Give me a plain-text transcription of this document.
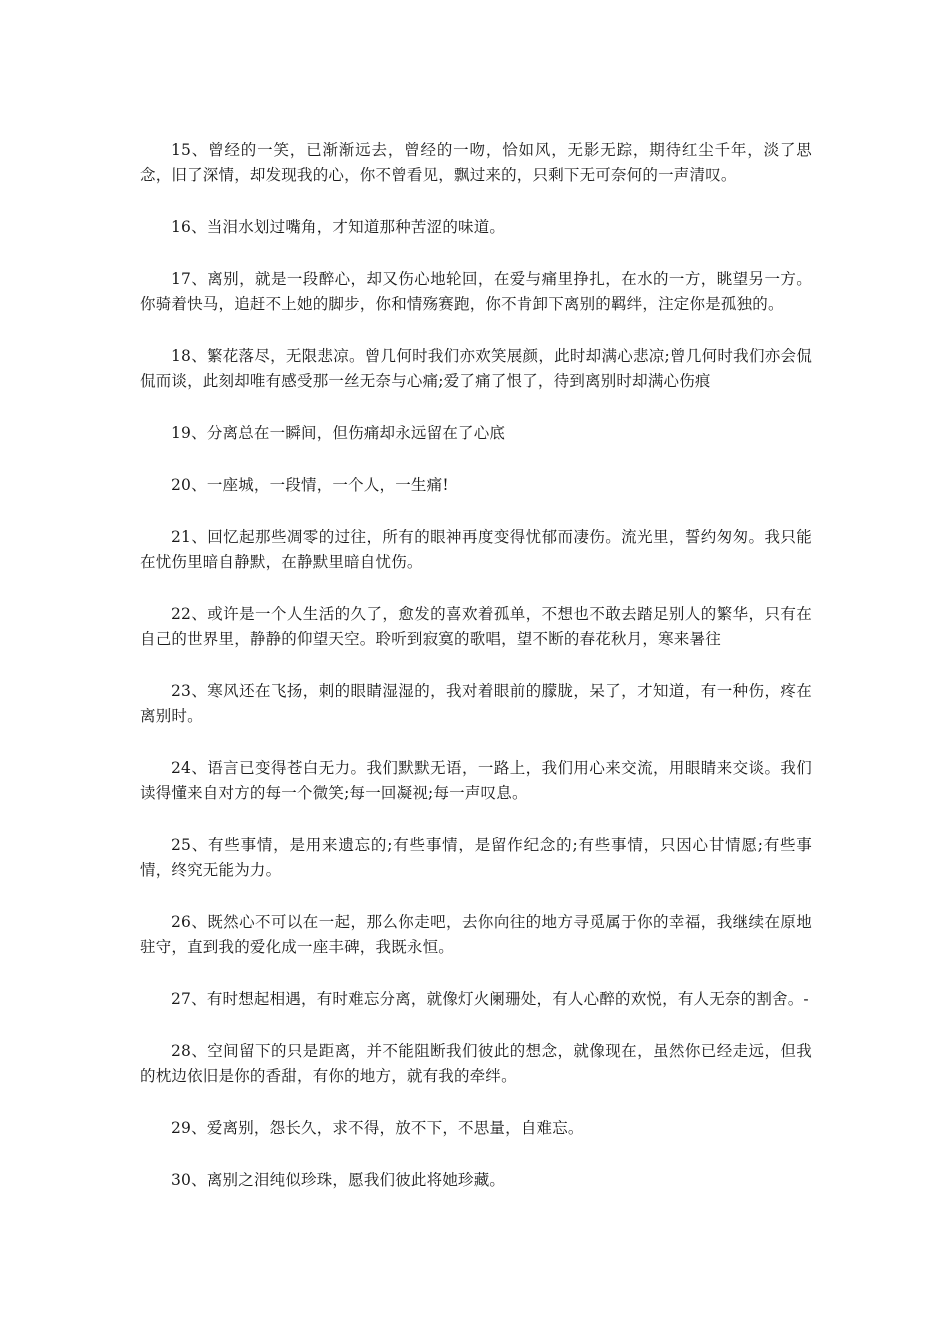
15、曾经的一笑，已渐渐远去，曾经的一吻，恰如风，无影无踪，期待红尘千年，淡了思念，旧了深情，却发现我的心，你不曾看见，飘过来的，只剩下无可奈何的一声清叹。

16、当泪水划过嘴角，才知道那种苦涩的味道。

17、离别，就是一段醉心，却又伤心地轮回，在爱与痛里挣扎，在水的一方，眺望另一方。你骑着快马，追赶不上她的脚步，你和情殇赛跑，你不肯卸下离别的羁绊，注定你是孤独的。

18、繁花落尽，无限悲凉。曾几何时我们亦欢笑展颜，此时却满心悲凉;曾几何时我们亦会侃侃而谈，此刻却唯有感受那一丝无奈与心痛;爱了痛了恨了，待到离别时却满心伤痕

19、分离总在一瞬间，但伤痛却永远留在了心底

20、一座城，一段情，一个人，一生痛!

21、回忆起那些凋零的过往，所有的眼神再度变得忧郁而凄伤。流光里，誓约匆匆。我只能在忧伤里暗自静默，在静默里暗自忧伤。

22、或许是一个人生活的久了，愈发的喜欢着孤单，不想也不敢去踏足别人的繁华，只有在自己的世界里，静静的仰望天空。聆听到寂寞的歌唱，望不断的春花秋月，寒来暑往

23、寒风还在飞扬，刺的眼睛湿湿的，我对着眼前的朦胧，呆了，才知道，有一种伤，疼在离别时。

24、语言已变得苍白无力。我们默默无语，一路上，我们用心来交流，用眼睛来交谈。我们读得懂来自对方的每一个微笑;每一回凝视;每一声叹息。

25、有些事情，是用来遗忘的;有些事情，是留作纪念的;有些事情，只因心甘情愿;有些事情，终究无能为力。

26、既然心不可以在一起，那么你走吧，去你向往的地方寻觅属于你的幸福，我继续在原地驻守，直到我的爱化成一座丰碑，我既永恒。

27、有时想起相遇，有时难忘分离，就像灯火阑珊处，有人心醉的欢悦，有人无奈的割舍。-

28、空间留下的只是距离，并不能阻断我们彼此的想念，就像现在，虽然你已经走远，但我的枕边依旧是你的香甜，有你的地方，就有我的牵绊。

29、爱离别，怨长久，求不得，放不下，不思量，自难忘。

30、离别之泪纯似珍珠，愿我们彼此将她珍藏。
